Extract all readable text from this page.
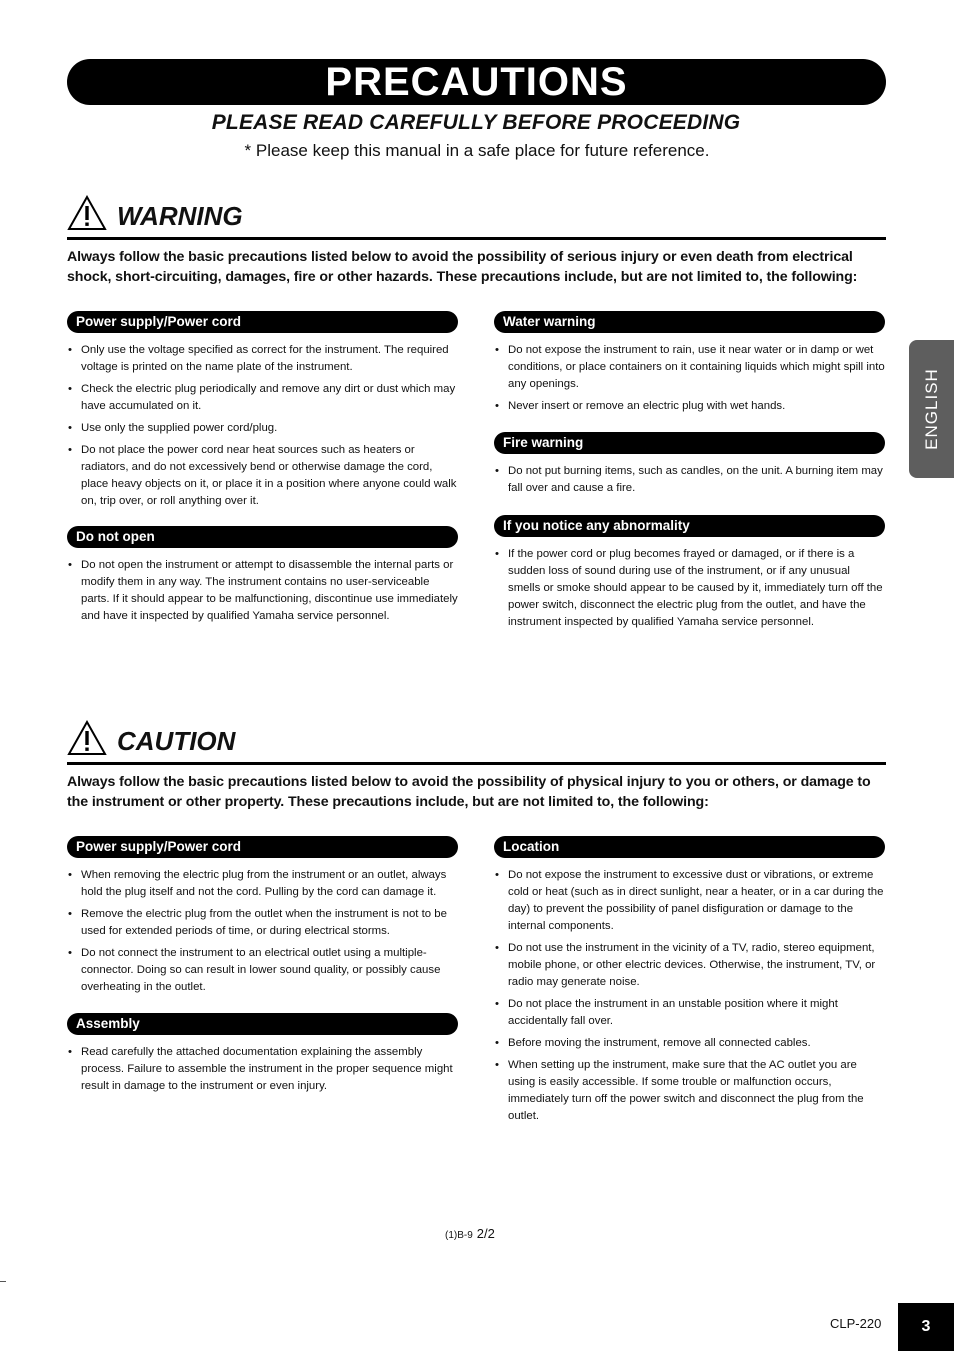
PRECAUTIONS
PLEASE READ CAREFULLY BEFORE PROCEEDING
* Please keep this manual in a safe place for future reference.
ENGLISH
WARNING
Always follow the basic precautions listed below to avoid the possibility of serious injury or even death from electrical shock, short-circuiting, damages, fire or other hazards. These precautions include, but are not limited to, the following:
Power supply/Power cord
• Only use the voltage specified as correct for the instrument. The required voltage is printed on the name plate of the instrument.
• Check the electric plug periodically and remove any dirt or dust which may have accumulated on it.
• Use only the supplied power cord/plug.
• Do not place the power cord near heat sources such as heaters or radiators, and do not excessively bend or otherwise damage the cord, place heavy objects on it, or place it in a position where anyone could walk on, trip over, or roll anything over it.
Do not open
• Do not open the instrument or attempt to disassemble the internal parts or modify them in any way. The instrument contains no user-serviceable parts. If it should appear to be malfunctioning, discontinue use immediately and have it inspected by qualified Yamaha service personnel.
Water warning
• Do not expose the instrument to rain, use it near water or in damp or wet conditions, or place containers on it containing liquids which might spill into any openings.
• Never insert or remove an electric plug with wet hands.
Fire warning
• Do not put burning items, such as candles, on the unit. A burning item may fall over and cause a fire.
If you notice any abnormality
• If the power cord or plug becomes frayed or damaged, or if there is a sudden loss of sound during use of the instrument, or if any unusual smells or smoke should appear to be caused by it, immediately turn off the power switch, disconnect the electric plug from the outlet, and have the instrument inspected by qualified Yamaha service personnel.
CAUTION
Always follow the basic precautions listed below to avoid the possibility of physical injury to you or others, or damage to the instrument or other property. These precautions include, but are not limited to, the following:
Power supply/Power cord
• When removing the electric plug from the instrument or an outlet, always hold the plug itself and not the cord. Pulling by the cord can damage it.
• Remove the electric plug from the outlet when the instrument is not to be used for extended periods of time, or during electrical storms.
• Do not connect the instrument to an electrical outlet using a multiple-connector. Doing so can result in lower sound quality, or possibly cause overheating in the outlet.
Assembly
• Read carefully the attached documentation explaining the assembly process. Failure to assemble the instrument in the proper sequence might result in damage to the instrument or even injury.
Location
• Do not expose the instrument to excessive dust or vibrations, or extreme cold or heat (such as in direct sunlight, near a heater, or in a car during the day) to prevent the possibility of panel disfiguration or damage to the internal components.
• Do not use the instrument in the vicinity of a TV, radio, stereo equipment, mobile phone, or other electric devices. Otherwise, the instrument, TV, or radio may generate noise.
• Do not place the instrument in an unstable position where it might accidentally fall over.
• Before moving the instrument, remove all connected cables.
• When setting up the instrument, make sure that the AC outlet you are using is easily accessible. If some trouble or malfunction occurs, immediately turn off the power switch and disconnect the plug from the outlet.
(1)B-9 2/2
CLP-220	3
